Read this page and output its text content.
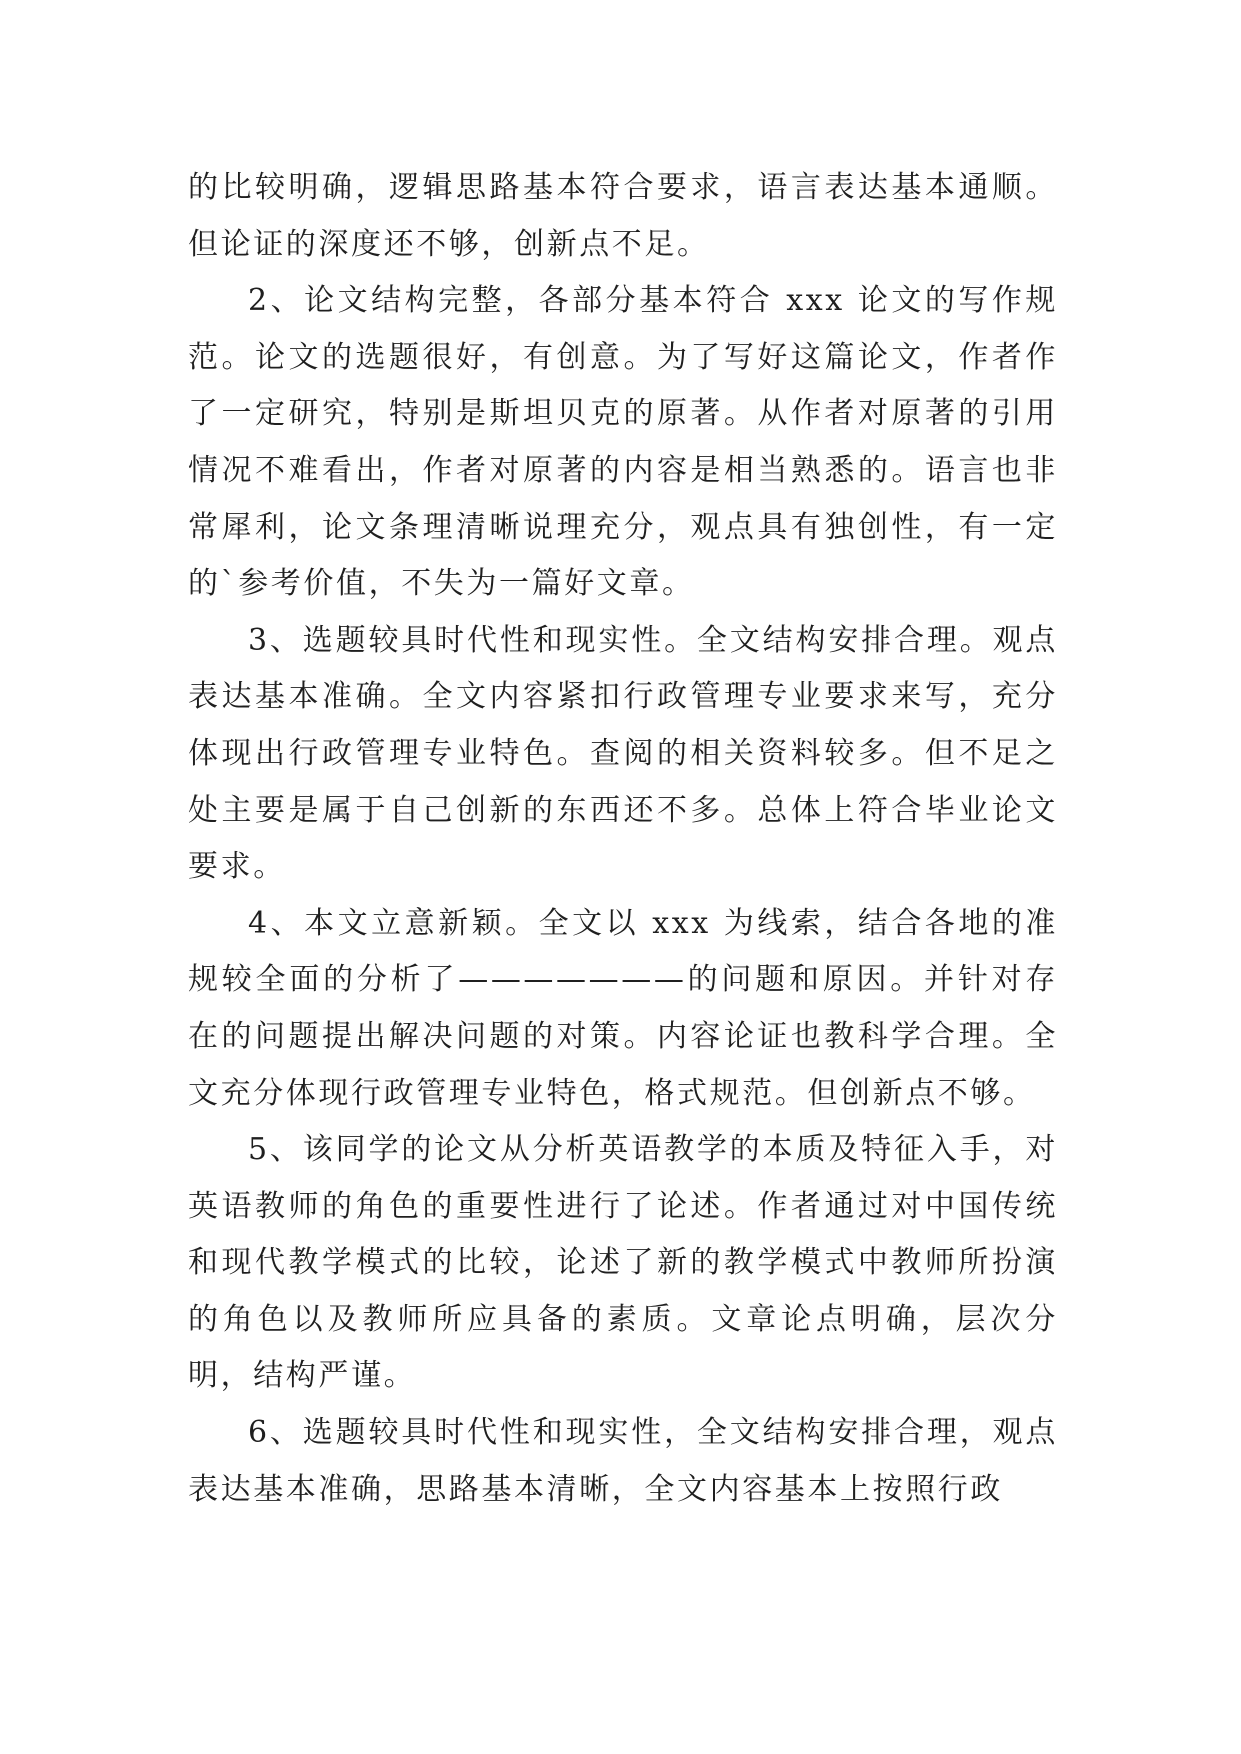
的比较明确，逻辑思路基本符合要求，语言表达基本通顺。但论证的深度还不够，创新点不足。

2、论文结构完整，各部分基本符合 xxx 论文的写作规范。论文的选题很好，有创意。为了写好这篇论文，作者作了一定研究，特别是斯坦贝克的原著。从作者对原著的引用情况不难看出，作者对原著的内容是相当熟悉的。语言也非常犀利，论文条理清晰说理充分，观点具有独创性，有一定的`参考价值，不失为一篇好文章。

3、选题较具时代性和现实性。全文结构安排合理。观点表达基本准确。全文内容紧扣行政管理专业要求来写，充分体现出行政管理专业特色。查阅的相关资料较多。但不足之处主要是属于自己创新的东西还不多。总体上符合毕业论文要求。

4、本文立意新颖。全文以 xxx 为线索，结合各地的准规较全面的分析了———————的问题和原因。并针对存在的问题提出解决问题的对策。内容论证也教科学合理。全文充分体现行政管理专业特色，格式规范。但创新点不够。

5、该同学的论文从分析英语教学的本质及特征入手，对英语教师的角色的重要性进行了论述。作者通过对中国传统和现代教学模式的比较，论述了新的教学模式中教师所扮演的角色以及教师所应具备的素质。文章论点明确，层次分明，结构严谨。

6、选题较具时代性和现实性，全文结构安排合理，观点表达基本准确，思路基本清晰，全文内容基本上按照行政
